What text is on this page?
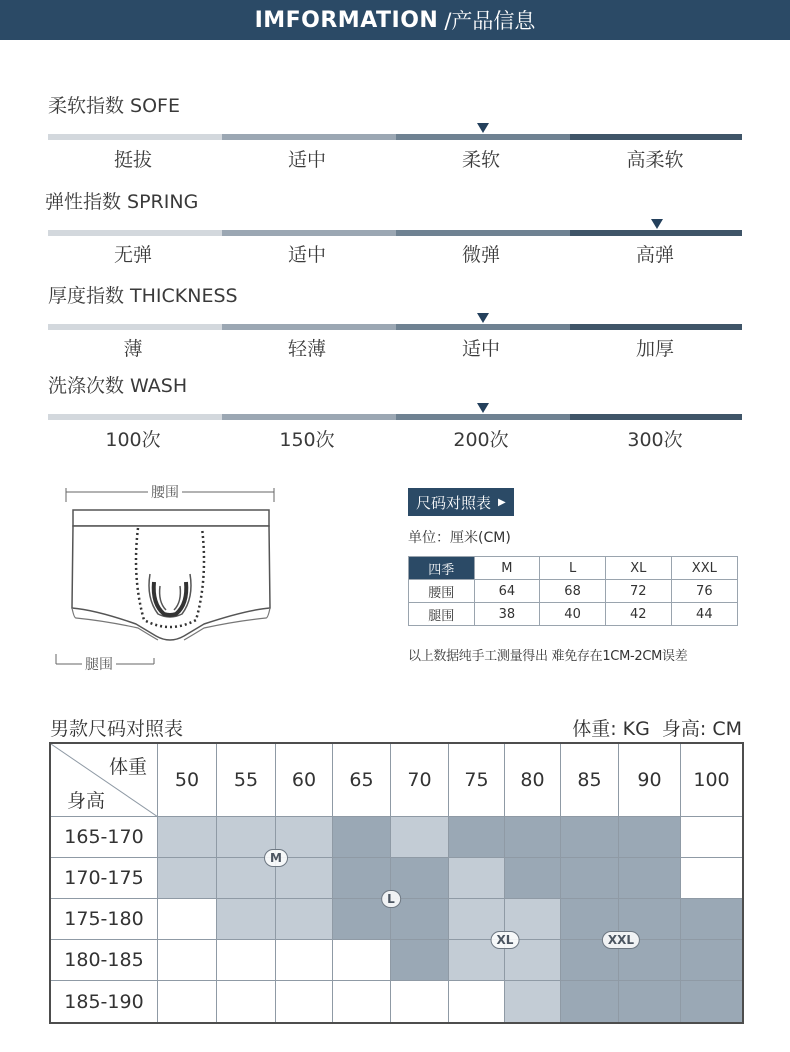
IMFORMATION /产品信息
柔软指数 SOFE
挺拔	适中	柔软	高柔软
弹性指数 SPRING
无弹	适中	微弹	高弹
厚度指数 THICKNESS
薄	轻薄	适中	加厚
洗涤次数 WASH
100次	150次	200次	300次
腰围
腿围
尺码对照表 ▶
单位：厘米(CM)
四季	M	L	XL	XXL
腰围	64	68	72	76
腿围	38	40	42	44
以上数据纯手工测量得出 难免存在1CM-2CM误差
男款尺码对照表	体重: KG  身高: CM
体重
身高
50	55	60	65	70	75	80	85	90	100
165-170
170-175
175-180
180-185
185-190
M
L
XL	XXL
